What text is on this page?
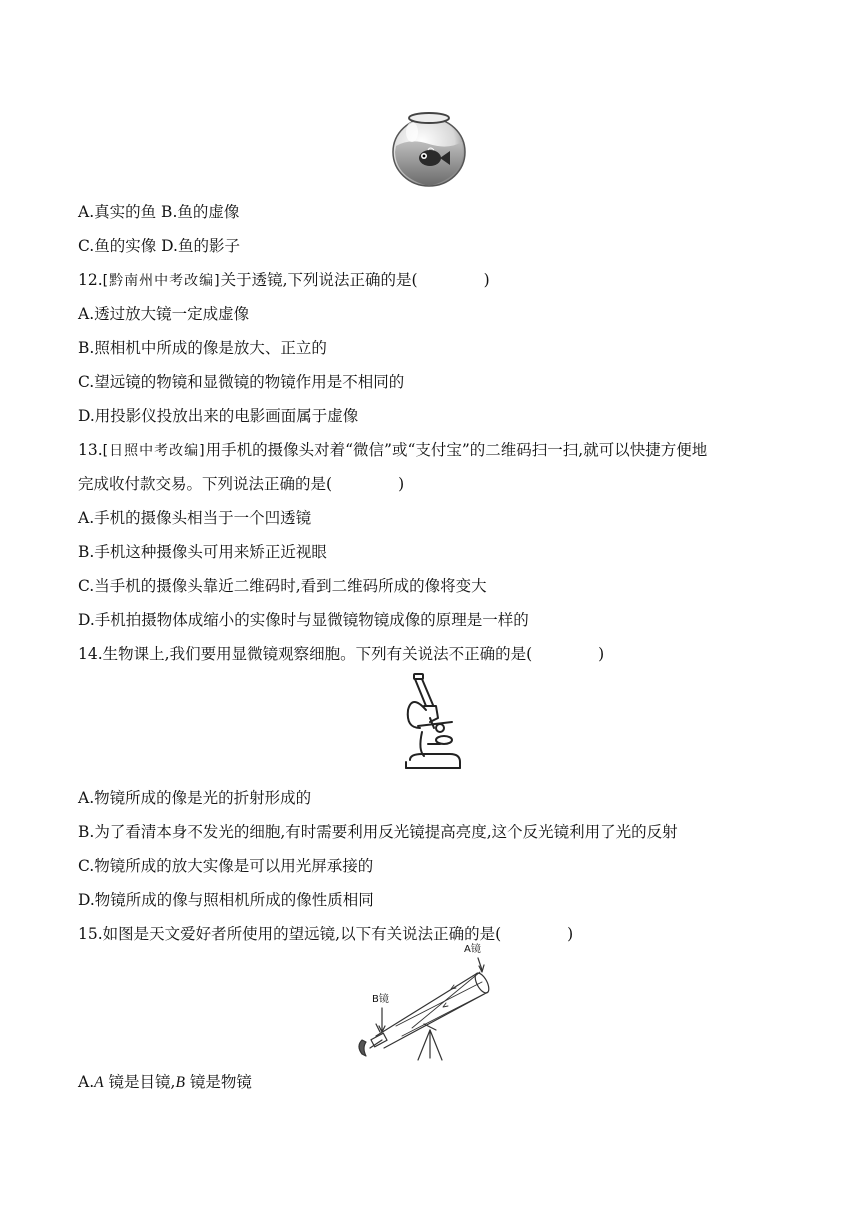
A.真实的鱼 B.鱼的虚像
C.鱼的实像 D.鱼的影子
12.[黔南州中考改编]关于透镜,下列说法正确的是(	)
A.透过放大镜一定成虚像
B.照相机中所成的像是放大、正立的
C.望远镜的物镜和显微镜的物镜作用是不相同的
D.用投影仪投放出来的电影画面属于虚像
13.[日照中考改编]用手机的摄像头对着“微信”或“支付宝”的二维码扫一扫,就可以快捷方便地
完成收付款交易。下列说法正确的是(	)
A.手机的摄像头相当于一个凹透镜
B.手机这种摄像头可用来矫正近视眼
C.当手机的摄像头靠近二维码时,看到二维码所成的像将变大
D.手机拍摄物体成缩小的实像时与显微镜物镜成像的原理是一样的
14.生物课上,我们要用显微镜观察细胞。下列有关说法不正确的是(	)
A.物镜所成的像是光的折射形成的
B.为了看清本身不发光的细胞,有时需要利用反光镜提高亮度,这个反光镜利用了光的反射
C.物镜所成的放大实像是可以用光屏承接的
D.物镜所成的像与照相机所成的像性质相同
15.如图是天文爱好者所使用的望远镜,以下有关说法正确的是(	)
A镜
B镜
A.A 镜是目镜,B 镜是物镜
